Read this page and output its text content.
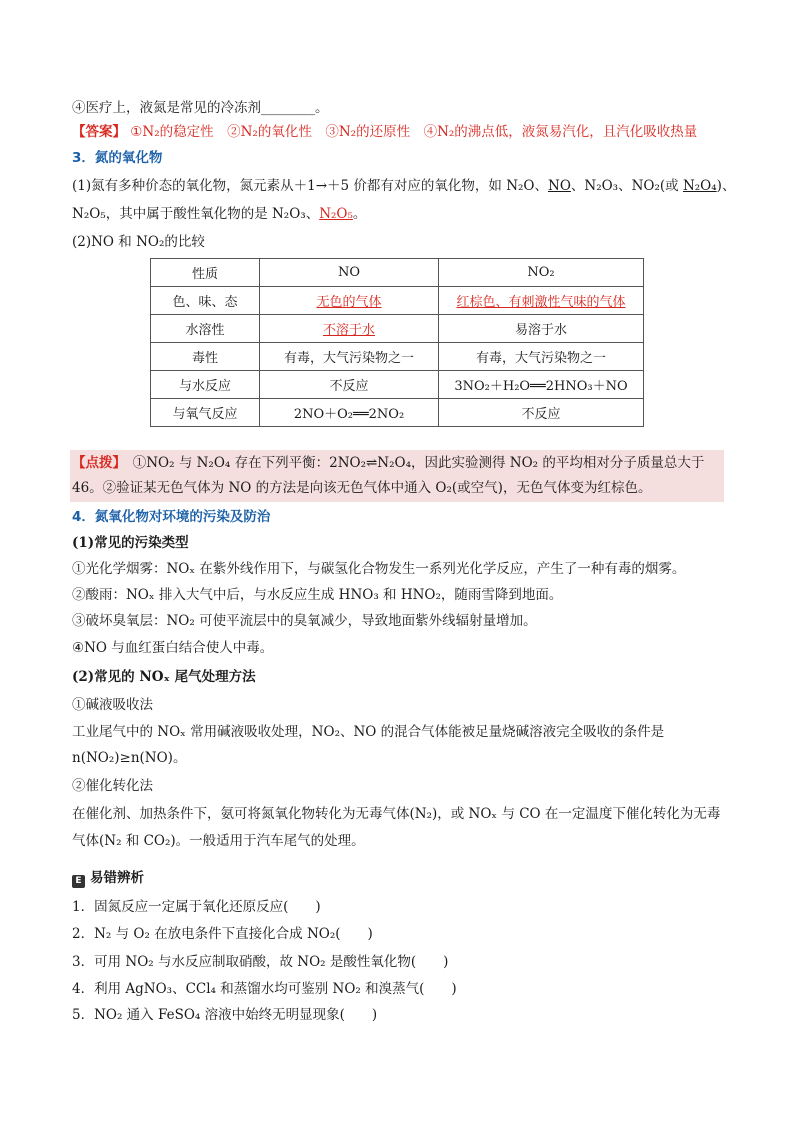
④医疗上，液氮是常见的冷冻剂________。
【答案】 ①N₂的稳定性　②N₂的氧化性　③N₂的还原性　④N₂的沸点低，液氮易汽化，且汽化吸收热量
3．氮的氧化物
(1)氮有多种价态的氧化物，氮元素从＋1→＋5 价都有对应的氧化物，如 N₂O、NO、N₂O₃、NO₂(或 N₂O₄)、
N₂O₅，其中属于酸性氧化物的是 N₂O₃、N₂O₅。
(2)NO 和 NO₂的比较
性质	NO	NO₂
色、味、态	无色的气体	红棕色、有刺激性气味的气体
水溶性	不溶于水	易溶于水
毒性	有毒，大气污染物之一	有毒，大气污染物之一
与水反应	不反应	3NO₂＋H₂O══2HNO₃＋NO
与氧气反应	2NO＋O₂══2NO₂	不反应
【点拨】　①NO₂ 与 N₂O₄ 存在下列平衡：2NO₂⇌N₂O₄，因此实验测得 NO₂ 的平均相对分子质量总大于
46。②验证某无色气体为 NO 的方法是向该无色气体中通入 O₂(或空气)，无色气体变为红棕色。
4．氮氧化物对环境的污染及防治
(1)常见的污染类型
①光化学烟雾：NOₓ 在紫外线作用下，与碳氢化合物发生一系列光化学反应，产生了一种有毒的烟雾。
②酸雨：NOₓ 排入大气中后，与水反应生成 HNO₃ 和 HNO₂，随雨雪降到地面。
③破坏臭氧层：NO₂ 可使平流层中的臭氧减少，导致地面紫外线辐射量增加。
④NO 与血红蛋白结合使人中毒。
(2)常见的 NOₓ 尾气处理方法
①碱液吸收法
工业尾气中的 NOₓ 常用碱液吸收处理，NO₂、NO 的混合气体能被足量烧碱溶液完全吸收的条件是
n(NO₂)≥n(NO)。
②催化转化法
在催化剂、加热条件下，氨可将氮氧化物转化为无毒气体(N₂)，或 NOₓ 与 CO 在一定温度下催化转化为无毒
气体(N₂ 和 CO₂)。一般适用于汽车尾气的处理。
E 易错辨析
1．固氮反应一定属于氧化还原反应(　　)
2．N₂ 与 O₂ 在放电条件下直接化合成 NO₂(　　)
3．可用 NO₂ 与水反应制取硝酸，故 NO₂ 是酸性氧化物(　　)
4．利用 AgNO₃、CCl₄ 和蒸馏水均可鉴别 NO₂ 和溴蒸气(　　)
5．NO₂ 通入 FeSO₄ 溶液中始终无明显现象(　　)
